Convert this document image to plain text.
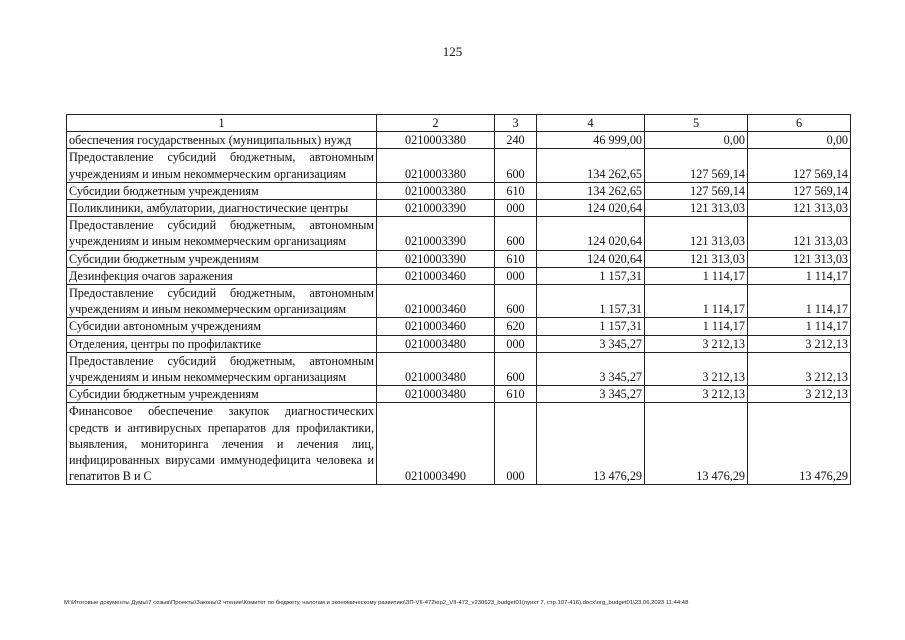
125
1	2	3	4	5	6
обеспечения государственных (муниципальных) нужд	0210003380	240	46 999,00	0,00	0,00
Предоставление субсидий бюджетным, автономным учреждениям и иным некоммерческим организациям	0210003380	600	134 262,65	127 569,14	127 569,14
Субсидии бюджетным учреждениям	0210003380	610	134 262,65	127 569,14	127 569,14
Поликлиники, амбулатории, диагностические центры	0210003390	000	124 020,64	121 313,03	121 313,03
Предоставление субсидий бюджетным, автономным учреждениям и иным некоммерческим организациям	0210003390	600	124 020,64	121 313,03	121 313,03
Субсидии бюджетным учреждениям	0210003390	610	124 020,64	121 313,03	121 313,03
Дезинфекция очагов заражения	0210003460	000	1 157,31	1 114,17	1 114,17
Предоставление субсидий бюджетным, автономным учреждениям и иным некоммерческим организациям	0210003460	600	1 157,31	1 114,17	1 114,17
Субсидии автономным учреждениям	0210003460	620	1 157,31	1 114,17	1 114,17
Отделения, центры по профилактике	0210003480	000	3 345,27	3 212,13	3 212,13
Предоставление субсидий бюджетным, автономным учреждениям и иным некоммерческим организациям	0210003480	600	3 345,27	3 212,13	3 212,13
Субсидии бюджетным учреждениям	0210003480	610	3 345,27	3 212,13	3 212,13
Финансовое обеспечение закупок диагностических средств и антивирусных препаратов для профилактики, выявления, мониторинга лечения и лечения лиц, инфицированных вирусами иммунодефицита человека и гепатитов В и С	0210003490	000	13 476,29	13 476,29	13 476,29
M:\Итоговые документы Думы\7 созыв\Проекты\Законы\2 чтение\Комитет по бюджету, налогам и экономическому развитию\ЗП-VII-472\ер2_VII-472_v230623_budget01(пункт 7, стр.107-416).docx\org_budget01\23.06.2023 11:44:48
